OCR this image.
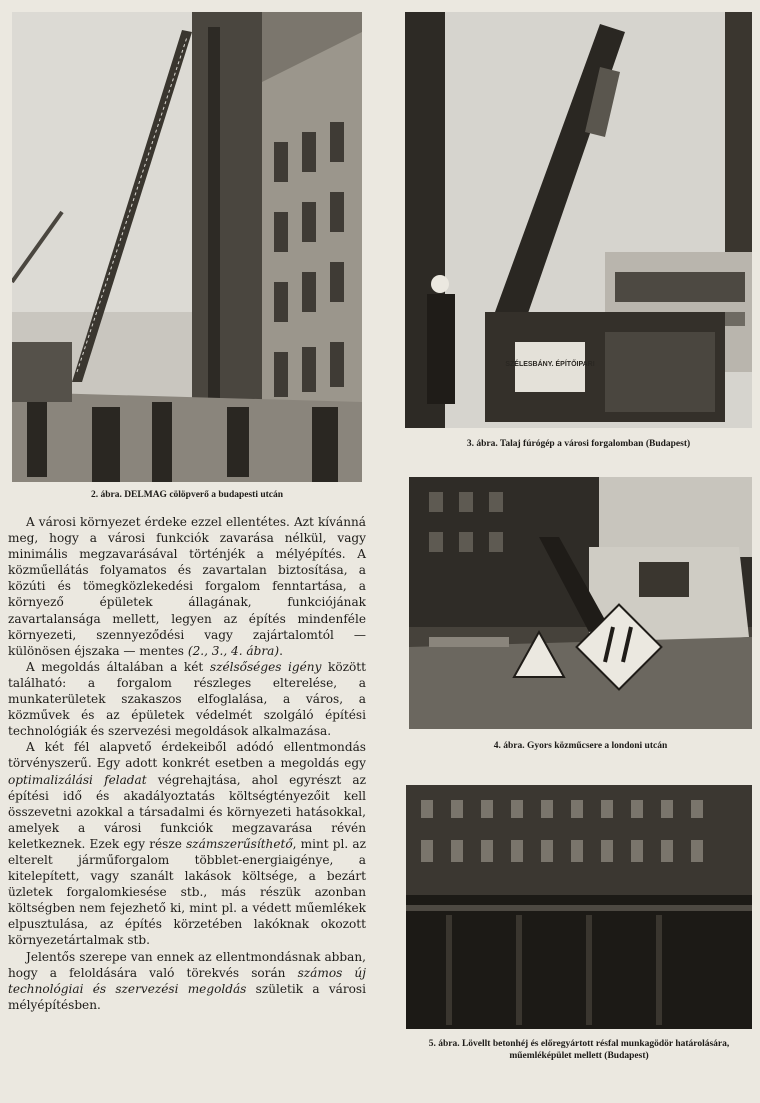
2. ábra. DELMAG cölöpverő a budapesti utcán
SZÉLESBÁNY. ÉPÍTŐIPARI
3. ábra. Talaj fúrógép a városi forgalomban (Budapest)
4. ábra. Gyors közműcsere a londoni utcán
5. ábra. Lövellt betonhéj és előregyártott résfal munkagödör határolására, műemléképület mellett (Budapest)

A városi környezet érdeke ezzel ellentétes. Azt kívánná meg, hogy a városi funkciók zavarása nélkül, vagy minimális megzavarásával történjék a mélyépítés. A közműellátás folyamatos és zavartalan biztosítása, a közúti és tömegközlekedési forgalom fenntartása, a környező épületek állagának, funkciójának zavartalansága mellett, legyen az építés mindenféle környezeti, szennyeződési vagy zajártalomtól — különösen éjszaka — mentes (2., 3., 4. ábra).

A megoldás általában a két szélsőséges igény között található: a forgalom részleges elterelése, a munkaterületek szakaszos elfoglalása, a város, a közművek és az épületek védelmét szolgáló építési technológiák és szervezési megoldások alkalmazása.

A két fél alapvető érdekeiből adódó ellentmondás törvényszerű. Egy adott konkrét esetben a megoldás egy optimalizálási feladat végrehajtása, ahol egyrészt az építési idő és akadályoztatás költségtényezőit kell összevetni azokkal a társadalmi és környezeti hatásokkal, amelyek a városi funkciók megzavarása révén keletkeznek. Ezek egy része számszerűsíthető, mint pl. az elterelt járműforgalom többlet-energiaigénye, a kitelepített, vagy szanált lakások költsége, a bezárt üzletek forgalomkiesése stb., más részük azonban költségben nem fejezhető ki, mint pl. a védett műemlékek elpusztulása, az építés körzetében lakóknak okozott környezetártalmak stb.

Jelentős szerepe van ennek az ellentmondásnak abban, hogy a feloldására való törekvés során számos új technológiai és szervezési megoldás születik a városi mélyépítésben.
